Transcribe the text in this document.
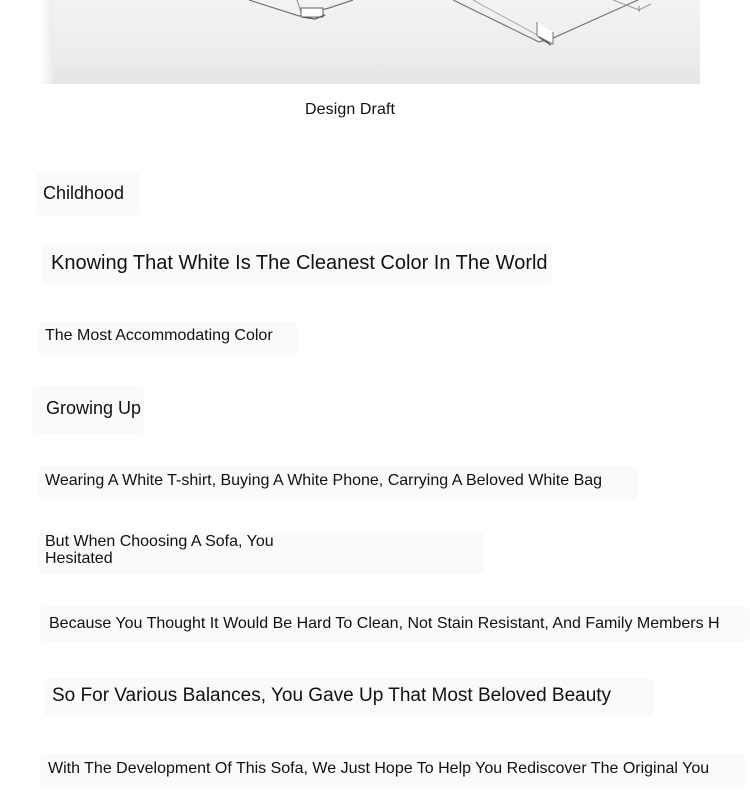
Design Draft
Childhood
Knowing That White Is The Cleanest Color In The World
The Most Accommodating Color
Growing Up
Wearing A White T-shirt, Buying A White Phone, Carrying A Beloved White Bag
But When Choosing A Sofa, You Hesitated
Because You Thought It Would Be Hard To Clean, Not Stain Resistant, And Family Members H
So For Various Balances, You Gave Up That Most Beloved Beauty
With The Development Of This Sofa, We Just Hope To Help You Rediscover The Original You
